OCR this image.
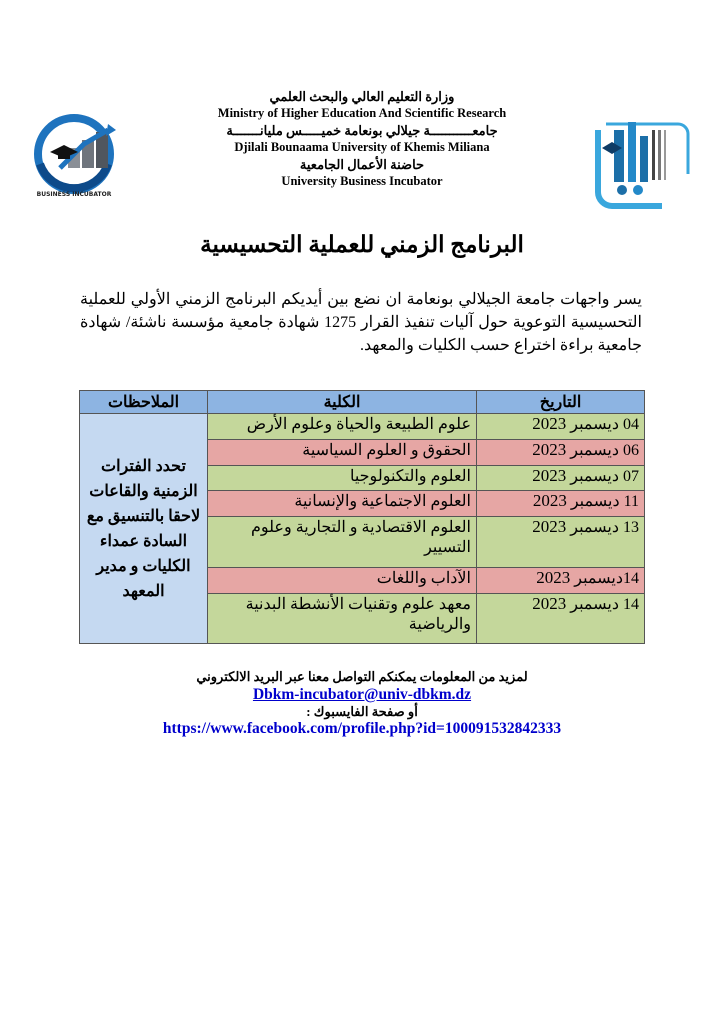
وزارة التعليم العالي والبحث العلمي
Ministry of Higher Education And Scientific Research
جامعـــــــــــة جيلالي بونعامة خميـــــس مليانـــــــة
Djilali Bounaama University of Khemis Miliana
حاضنة الأعمال الجامعية
University Business Incubator
BUSINESS INCUBATOR
البرنامج الزمني للعملية التحسيسية
يسر واجهات جامعة الجيلالي بونعامة ان نضع بين أيديكم البرنامج الزمني الأولي للعملية التحسيسية التوعوية حول آليات تنفيذ القرار 1275 شهادة جامعية مؤسسة ناشئة/ شهادة جامعية براءة اختراع حسب الكليات والمعهد.
التاريخ	الكلية	الملاحظات
04 ديسمبر 2023	علوم الطبيعة والحياة وعلوم الأرض	تحدد الفترات الزمنية والقاعات لاحقا بالتنسيق مع السادة عمداء الكليات و مدير المعهد
06 ديسمبر 2023	الحقوق و العلوم السياسية	
07 ديسمبر 2023	العلوم والتكنولوجيا	
11 ديسمبر 2023	العلوم الاجتماعية والإنسانية	
13 ديسمبر 2023	العلوم الاقتصادية و التجارية وعلوم التسيير	
14ديسمبر 2023	الآداب واللغات	
14 ديسمبر 2023	معهد علوم وتقنيات الأنشطة البدنية والرياضية	
لمزيد من المعلومات يمكنكم التواصل معنا عبر البريد الالكتروني
Dbkm-incubator@univ-dbkm.dz
أو صفحة الفايسبوك :
https://www.facebook.com/profile.php?id=100091532842333
